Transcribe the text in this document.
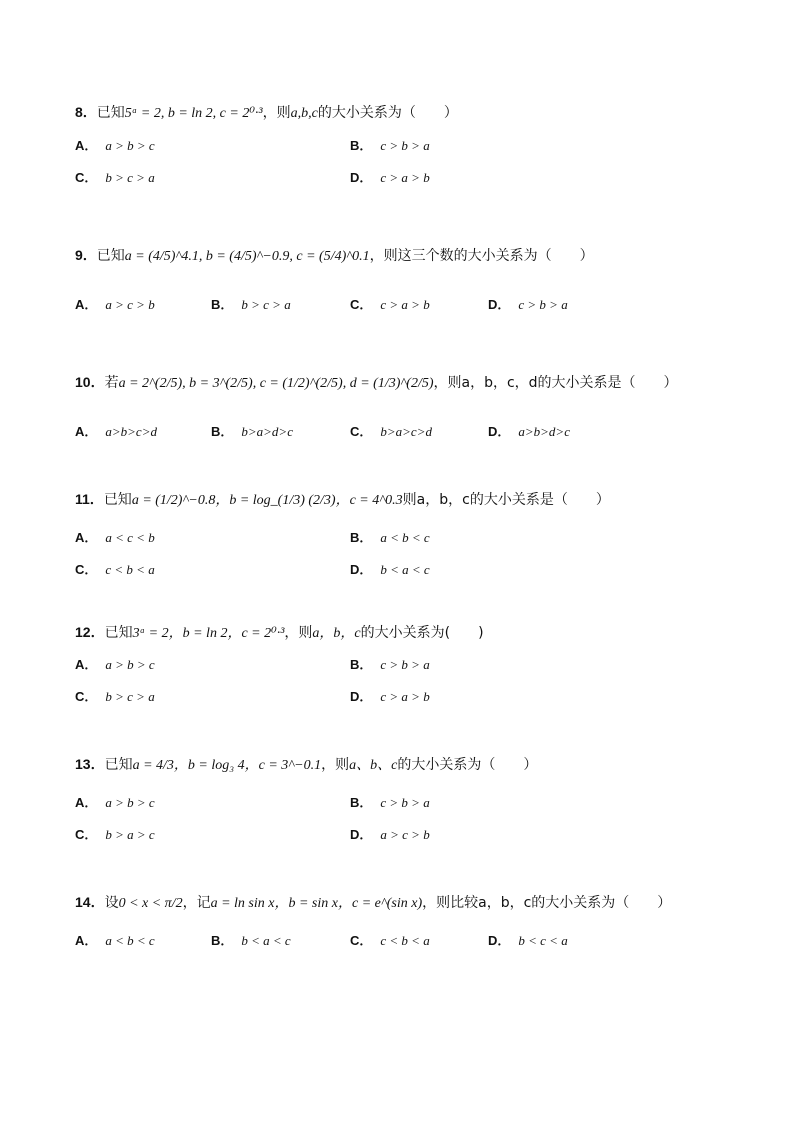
8．已知5ᵃ = 2, b = ln 2, c = 2⁰·³，则a,b,c的大小关系为（　　）
A． a > b > c	B． c > b > a
C． b > c > a	D． c > a > b
9．已知a = (4/5)^4.1, b = (4/5)^−0.9, c = (5/4)^0.1，则这三个数的大小关系为（　　）
A． a > c > b	B． b > c > a	C． c > a > b	D． c > b > a
10．若a = 2^(2/5), b = 3^(2/5), c = (1/2)^(2/5), d = (1/3)^(2/5)，则a，b，c，d的大小关系是（　　）
A． a>b>c>d	B． b>a>d>c	C． b>a>c>d	D． a>b>d>c
11．已知a = (1/2)^−0.8，b = log_(1/3) (2/3)，c = 4^0.3则a，b，c的大小关系是（　　）
A． a < c < b	B． a < b < c
C． c < b < a	D． b < a < c
12．已知3ᵃ = 2，b = ln 2，c = 2⁰·³，则a，b，c的大小关系为(　　)
A． a > b > c	B． c > b > a
C． b > c > a	D． c > a > b
13．已知a = 4/3，b = log₃ 4，c = 3^−0.1，则a、b、c的大小关系为（　　）
A． a > b > c	B． c > b > a
C． b > a > c	D． a > c > b
14．设0 < x < π/2，记a = ln sin x，b = sin x，c = e^(sin x)，则比较a，b，c的大小关系为（　　）
A． a < b < c	B． b < a < c	C． c < b < a	D． b < c < a
